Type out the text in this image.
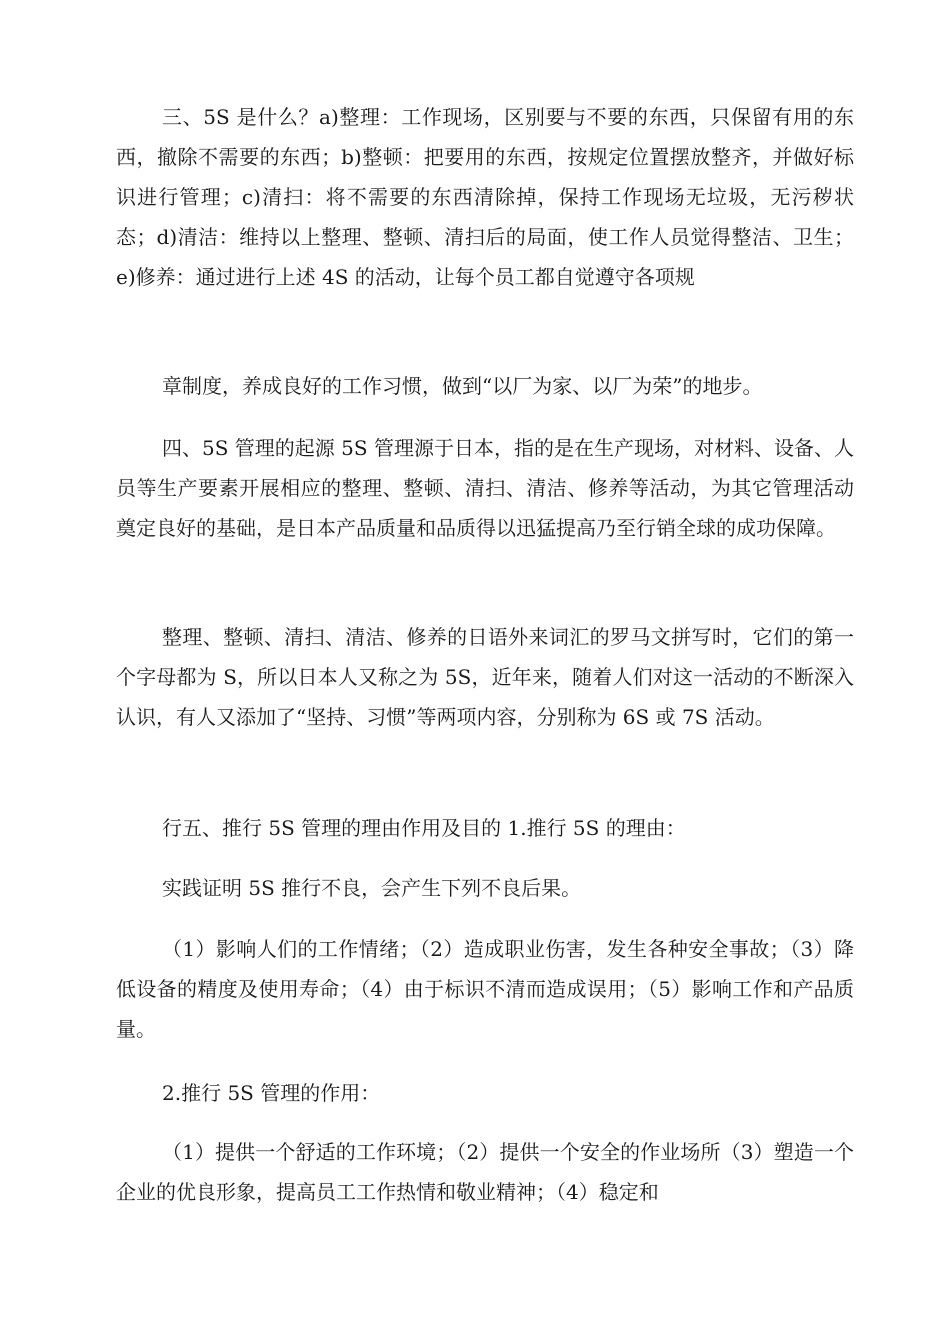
三、5S 是什么？a)整理：工作现场，区别要与不要的东西，只保留有用的东西，撤除不需要的东西；b)整顿：把要用的东西，按规定位置摆放整齐，并做好标识进行管理；c)清扫：将不需要的东西清除掉，保持工作现场无垃圾，无污秽状态；d)清洁：维持以上整理、整顿、清扫后的局面，使工作人员觉得整洁、卫生；e)修养：通过进行上述 4S 的活动，让每个员工都自觉遵守各项规

章制度，养成良好的工作习惯，做到“以厂为家、以厂为荣”的地步。

四、5S 管理的起源 5S 管理源于日本，指的是在生产现场，对材料、设备、人员等生产要素开展相应的整理、整顿、清扫、清洁、修养等活动，为其它管理活动奠定良好的基础，是日本产品质量和品质得以迅猛提高乃至行销全球的成功保障。

整理、整顿、清扫、清洁、修养的日语外来词汇的罗马文拼写时，它们的第一个字母都为 S，所以日本人又称之为 5S，近年来，随着人们对这一活动的不断深入认识，有人又添加了“坚持、习惯”等两项内容，分别称为 6S 或 7S 活动。

行五、推行 5S 管理的理由作用及目的 1.推行 5S 的理由：

实践证明 5S 推行不良，会产生下列不良后果。

（1）影响人们的工作情绪；（2）造成职业伤害，发生各种安全事故；（3）降低设备的精度及使用寿命；（4）由于标识不清而造成误用；（5）影响工作和产品质量。

2.推行 5S 管理的作用：

（1）提供一个舒适的工作环境；（2）提供一个安全的作业场所（3）塑造一个企业的优良形象，提高员工工作热情和敬业精神；（4）稳定和
